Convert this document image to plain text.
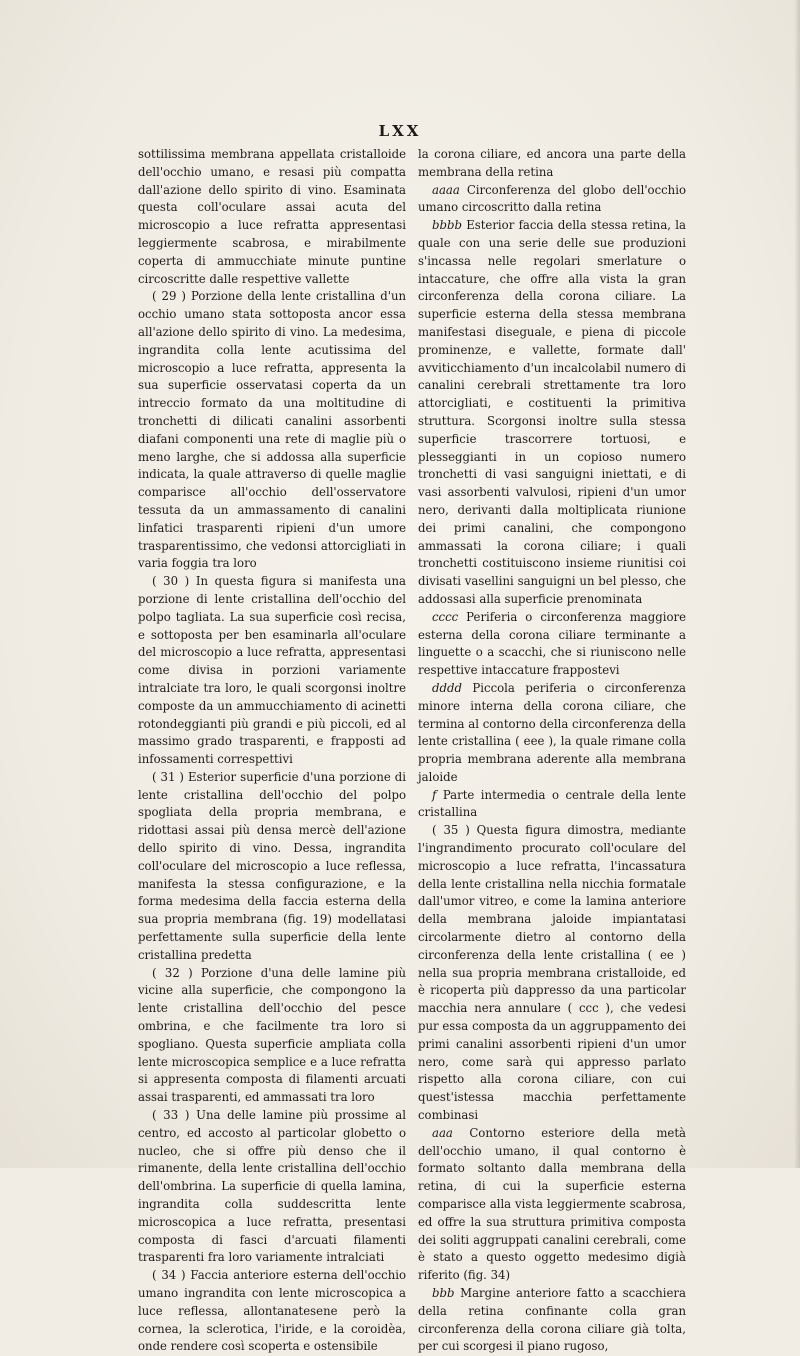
LXX

sottilissima membrana appellata cristalloide dell'occhio umano, e resasi più compatta dall'azione dello spirito di vino. Esaminata questa coll'oculare assai acuta del microscopio a luce refratta appresentasi leggiermente scabrosa, e mirabilmente coperta di ammucchiate minute puntine circoscritte dalle respettive vallette

( 29 ) Porzione della lente cristallina d'un occhio umano stata sottoposta ancor essa all'azione dello spirito di vino. La medesima, ingrandita colla lente acutissima del microscopio a luce refratta, appresenta la sua superficie osservatasi coperta da un intreccio formato da una moltitudine di tronchetti di dilicati canalini assorbenti diafani componenti una rete di maglie più o meno larghe, che si addossa alla superficie indicata, la quale attraverso di quelle maglie comparisce all'occhio dell'osservatore tessuta da un ammassamento di canalini linfatici trasparenti ripieni d'un umore trasparentissimo, che vedonsi attorcigliati in varia foggia tra loro

( 30 ) In questa figura si manifesta una porzione di lente cristallina dell'occhio del polpo tagliata. La sua superficie così recisa, e sottoposta per ben esaminarla all'oculare del microscopio a luce refratta, appresentasi come divisa in porzioni variamente intralciate tra loro, le quali scorgonsi inoltre composte da un ammucchiamento di acinetti rotondeggianti più grandi e più piccoli, ed al massimo grado trasparenti, e frapposti ad infossamenti correspettivi

( 31 ) Esterior superficie d'una porzione di lente cristallina dell'occhio del polpo spogliata della propria membrana, e ridottasi assai più densa mercè dell'azione dello spirito di vino. Dessa, ingrandita coll'oculare del microscopio a luce reflessa, manifesta la stessa configurazione, e la forma medesima della faccia esterna della sua propria membrana (fig. 19) modellatasi perfettamente sulla superficie della lente cristallina predetta

( 32 ) Porzione d'una delle lamine più vicine alla superficie, che compongono la lente cristallina dell'occhio del pesce ombrina, e che facilmente tra loro si spogliano. Questa superficie ampliata colla lente microscopica semplice e a luce refratta si appresenta composta di filamenti arcuati assai trasparenti, ed ammassati tra loro

( 33 ) Una delle lamine più prossime al centro, ed accosto al particolar globetto o nucleo, che si offre più denso che il rimanente, della lente cristallina dell'occhio dell'ombrina. La superficie di quella lamina, ingrandita colla suddescritta lente microscopica a luce refratta, presentasi composta di fasci d'arcuati filamenti trasparenti fra loro variamente intralciati

( 34 ) Faccia anteriore esterna dell'occhio umano ingrandita con lente microscopica a luce reflessa, allontanatesene però la cornea, la sclerotica, l'iride, e la coroidèa, onde rendere così scoperta e ostensibile

la corona ciliare, ed ancora una parte della membrana della retina

aaaa Circonferenza del globo dell'occhio umano circoscritto dalla retina

bbbb Esterior faccia della stessa retina, la quale con una serie delle sue produzioni s'incassa nelle regolari smerlature o intaccature, che offre alla vista la gran circonferenza della corona ciliare. La superficie esterna della stessa membrana manifestasi diseguale, e piena di piccole prominenze, e vallette, formate dall' avviticchiamento d'un incalcolabil numero di canalini cerebrali strettamente tra loro attorcigliati, e costituenti la primitiva struttura. Scorgonsi inoltre sulla stessa superficie trascorrere tortuosi, e plesseggianti in un copioso numero tronchetti di vasi sanguigni iniettati, e di vasi assorbenti valvulosi, ripieni d'un umor nero, derivanti dalla moltiplicata riunione dei primi canalini, che compongono ammassati la corona ciliare; i quali tronchetti costituiscono insieme riunitisi coi divisati vasellini sanguigni un bel plesso, che addossasi alla superficie prenominata

cccc Periferia o circonferenza maggiore esterna della corona ciliare terminante a linguette o a scacchi, che si riuniscono nelle respettive intaccature frappostevi

dddd Piccola periferia o circonferenza minore interna della corona ciliare, che termina al contorno della circonferenza della lente cristallina ( eee ), la quale rimane colla propria membrana aderente alla membrana jaloide

f Parte intermedia o centrale della lente cristallina

( 35 ) Questa figura dimostra, mediante l'ingrandimento procurato coll'oculare del microscopio a luce refratta, l'incassatura della lente cristallina nella nicchia formatale dall'umor vitreo, e come la lamina anteriore della membrana jaloide impiantatasi circolarmente dietro al contorno della circonferenza della lente cristallina ( ee ) nella sua propria membrana cristalloide, ed è ricoperta più dappresso da una particolar macchia nera annulare ( ccc ), che vedesi pur essa composta da un aggruppamento dei primi canalini assorbenti ripieni d'un umor nero, come sarà qui appresso parlato rispetto alla corona ciliare, con cui quest'istessa macchia perfettamente combinasi

aaa Contorno esteriore della metà dell'occhio umano, il qual contorno è formato soltanto dalla membrana della retina, di cui la superficie esterna comparisce alla vista leggiermente scabrosa, ed offre la sua struttura primitiva composta dei soliti aggruppati canalini cerebrali, come è stato a questo oggetto medesimo digià riferito (fig. 34)

bbb Margine anteriore fatto a scacchiera della retina confinante colla gran circonferenza della corona ciliare già tolta, per cui scorgesi il piano rugoso,
